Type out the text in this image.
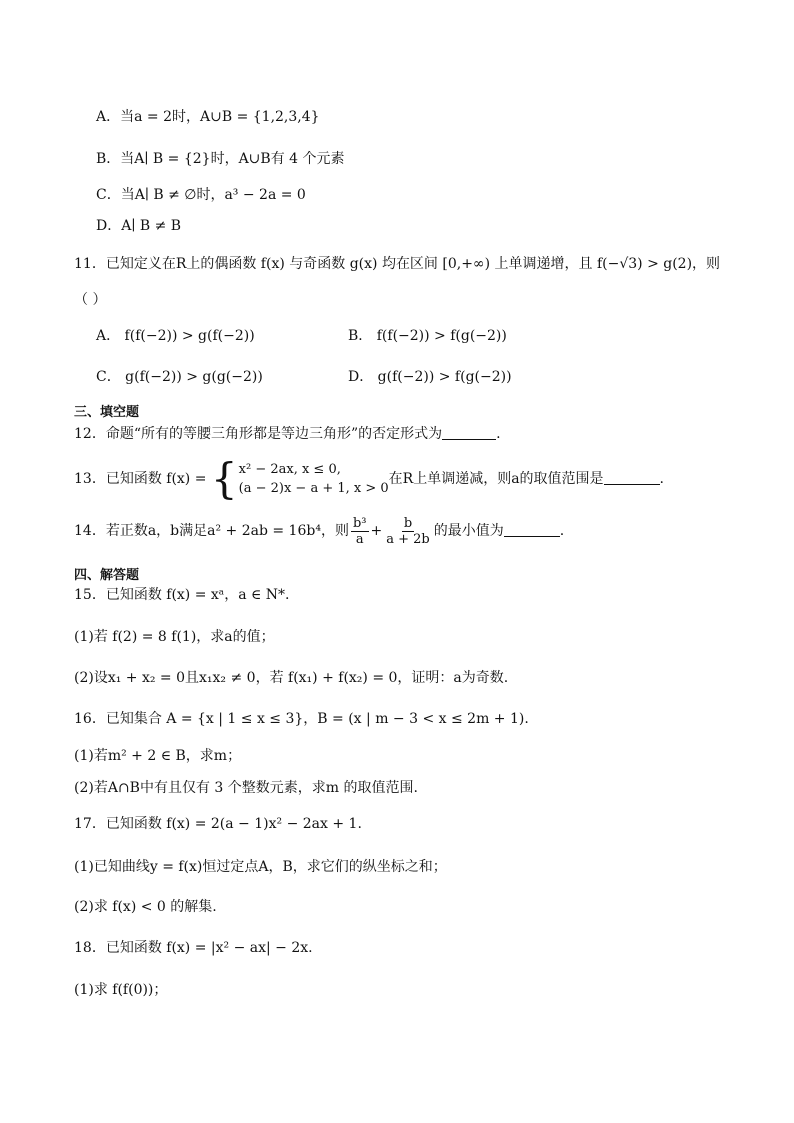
A．当a = 2时，A∪B = {1,2,3,4}
B．当A∣ B = {2}时，A∪B有 4 个元素
C．当A∣ B ≠ ∅时，a³ − 2a = 0
D．A∣ B ≠ B
11．已知定义在R上的偶函数 f(x) 与奇函数 g(x) 均在区间 [0,+∞) 上单调递增，且 f(−√3) > g(2)，则
（ ）
A． f(f(−2)) > g(f(−2))	B． f(f(−2)) > f(g(−2))
C． g(f(−2)) > g(g(−2))	D． g(f(−2)) > f(g(−2))
三、填空题
12．命题“所有的等腰三角形都是等边三角形”的否定形式为	.
13．已知函数 f(x) = { x² − 2ax, x ≤ 0,
(a − 2)x − a + 1, x > 0
在R上单调递减，则a的取值范围是	.
14．若正数a，b满足a² + 2ab = 16b⁴，则 $\frac{\text{b³}}{a} + \frac{b}{a + 2b}$ 的最小值为	.
四、解答题
15．已知函数 f(x) = xᵃ，a ∈ N*.
(1)若 f(2) = 8 f(1)，求a的值；
(2)设x₁ + x₂ = 0且x₁x₂ ≠ 0，若 f(x₁) + f(x₂) = 0，证明：a为奇数.
16．已知集合 A = {x | 1 ≤ x ≤ 3}，B = (x | m − 3 < x ≤ 2m + 1).
(1)若m² + 2 ∈ B，求m；
(2)若A∩B中有且仅有 3 个整数元素，求m 的取值范围.
17．已知函数 f(x) = 2(a − 1)x² − 2ax + 1.
(1)已知曲线y = f(x)恒过定点A，B，求它们的纵坐标之和；
(2)求 f(x) < 0 的解集.
18．已知函数 f(x) = |x² − ax| − 2x.
(1)求 f(f(0))；
